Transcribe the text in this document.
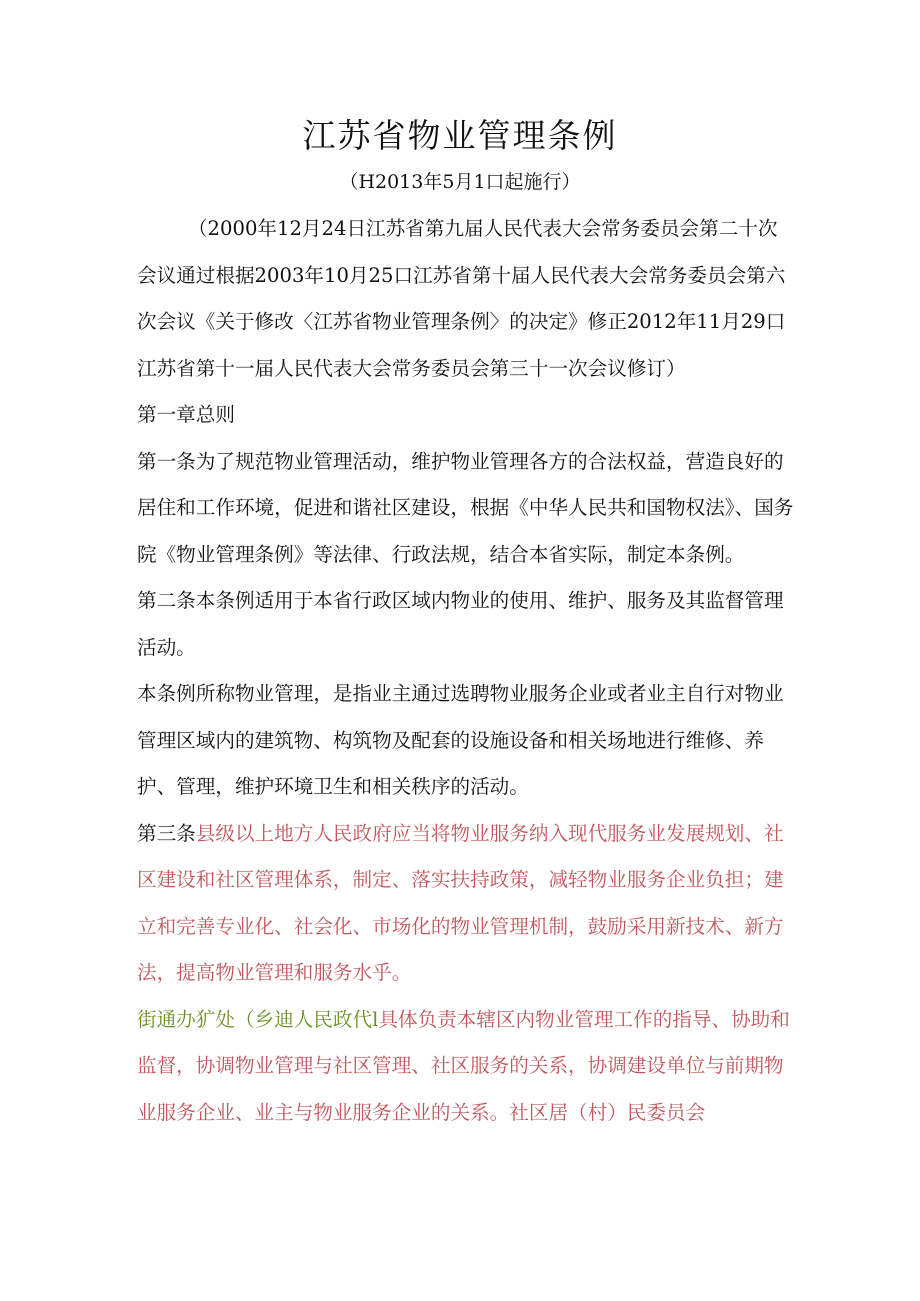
江苏省物业管理条例
（H2013年5月1口起施行）

（2000年12月24日江苏省第九届人民代表大会常务委员会第二十次会议通过根据2003年10月25口江苏省第十届人民代表大会常务委员会第六次会议《关于修改〈江苏省物业管理条例〉的决定》修正2012年11月29口江苏省第十一届人民代表大会常务委员会第三十一次会议修订）

第一章总则

第一条为了规范物业管理活动，维护物业管理各方的合法权益，营造良好的居住和工作环境，促进和谐社区建设，根据《中华人民共和国物权法》、国务院《物业管理条例》等法律、行政法规，结合本省实际，制定本条例。

第二条本条例适用于本省行政区域内物业的使用、维护、服务及其监督管理活动。

本条例所称物业管理，是指业主通过选聘物业服务企业或者业主自行对物业管理区域内的建筑物、构筑物及配套的设施设备和相关场地进行维修、养护、管理，维护环境卫生和相关秩序的活动。

第三条县级以上地方人民政府应当将物业服务纳入现代服务业发展规划、社区建设和社区管理体系，制定、落实扶持政策，减轻物业服务企业负担；建立和完善专业化、社会化、市场化的物业管理机制，鼓励采用新技术、新方法，提高物业管理和服务水乎。

街通办犷处（乡迪人民政代l具体负责本辖区内物业管理工作的指导、协助和监督，协调物业管理与社区管理、社区服务的关系，协调建设单位与前期物业服务企业、业主与物业服务企业的关系。社区居（村）民委员会
